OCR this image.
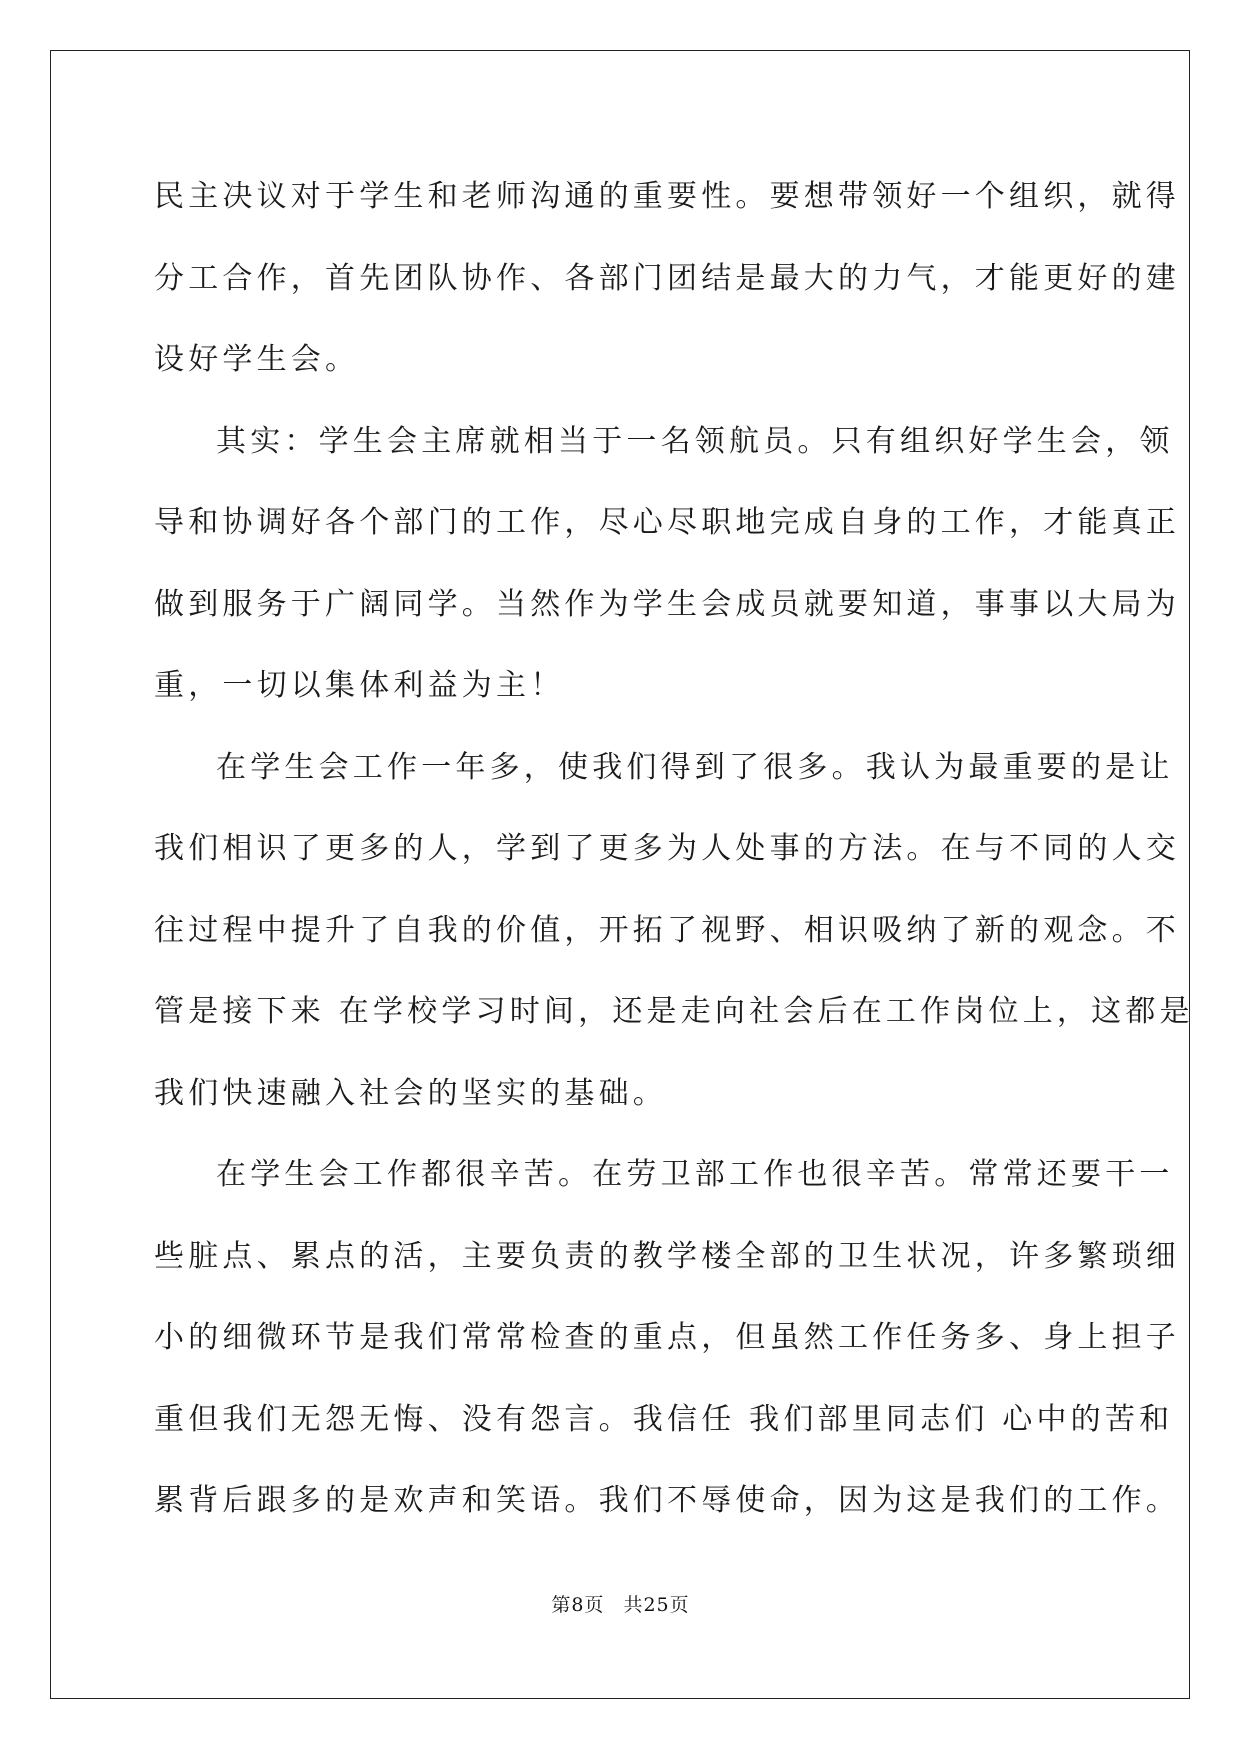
民主决议对于学生和老师沟通的重要性。要想带领好一个组织，就得
分工合作，首先团队协作、各部门团结是最大的力气，才能更好的建
设好学生会。
其实：学生会主席就相当于一名领航员。只有组织好学生会，领
导和协调好各个部门的工作，尽心尽职地完成自身的工作，才能真正
做到服务于广阔同学。当然作为学生会成员就要知道，事事以大局为
重，一切以集体利益为主！
在学生会工作一年多，使我们得到了很多。我认为最重要的是让
我们相识了更多的人，学到了更多为人处事的方法。在与不同的人交
往过程中提升了自我的价值，开拓了视野、相识吸纳了新的观念。不
管是接下来 在学校学习时间，还是走向社会后在工作岗位上，这都是
我们快速融入社会的坚实的基础。
在学生会工作都很辛苦。在劳卫部工作也很辛苦。常常还要干一
些脏点、累点的活，主要负责的教学楼全部的卫生状况，许多繁琐细
小的细微环节是我们常常检查的重点，但虽然工作任务多、身上担子
重但我们无怨无悔、没有怨言。我信任 我们部里同志们 心中的苦和
累背后跟多的是欢声和笑语。我们不辱使命，因为这是我们的工作。
第8页 共25页
